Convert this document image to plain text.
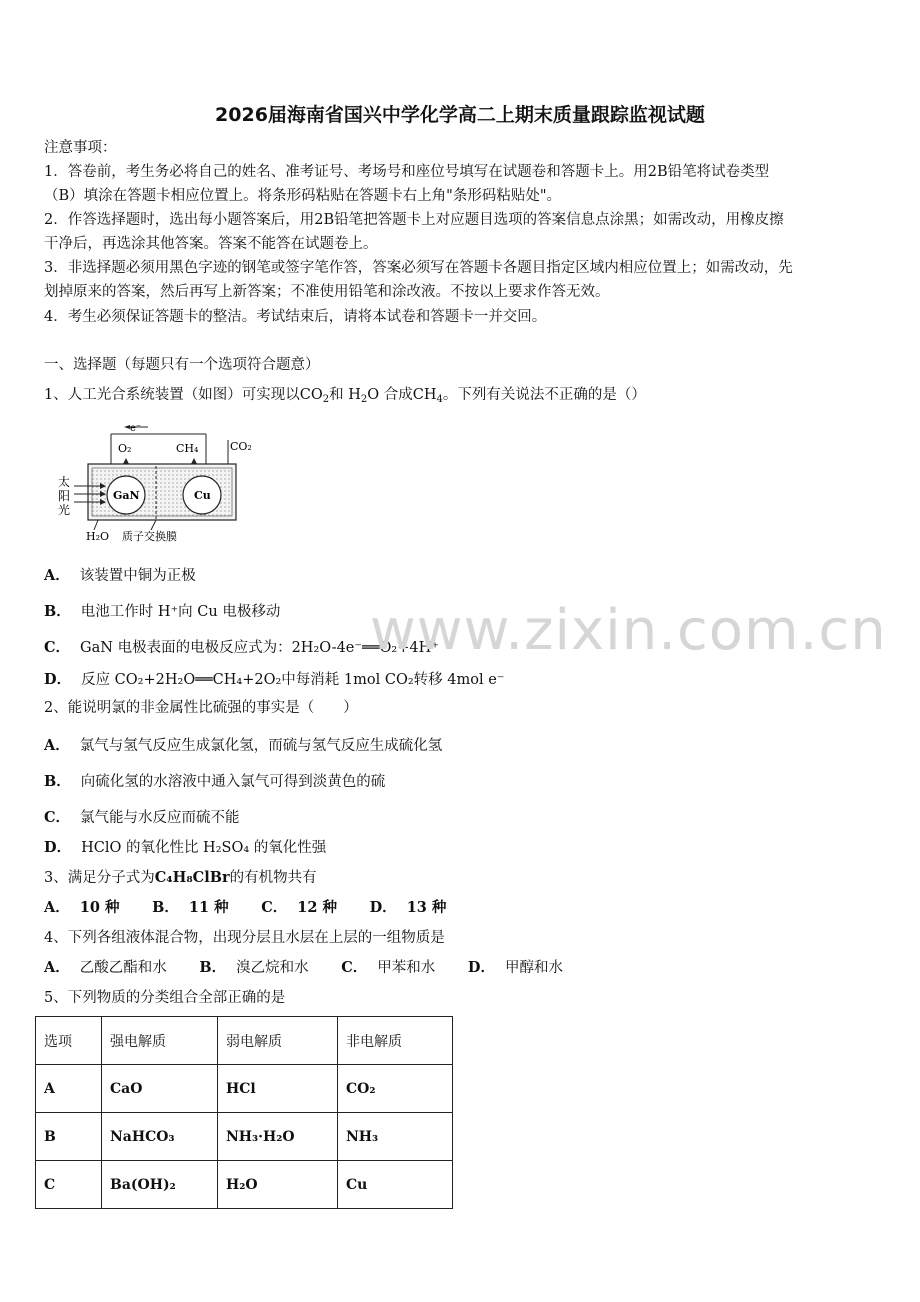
2026届海南省国兴中学化学高二上期末质量跟踪监视试题
注意事项：
1．答卷前，考生务必将自己的姓名、准考证号、考场号和座位号填写在试题卷和答题卡上。用2B铅笔将试卷类型
（B）填涂在答题卡相应位置上。将条形码粘贴在答题卡右上角"条形码粘贴处"。
2．作答选择题时，选出每小题答案后，用2B铅笔把答题卡上对应题目选项的答案信息点涂黑；如需改动，用橡皮擦
干净后，再选涂其他答案。答案不能答在试题卷上。
3．非选择题必须用黑色字迹的钢笔或签字笔作答，答案必须写在答题卡各题目指定区域内相应位置上；如需改动，先
划掉原来的答案，然后再写上新答案；不准使用铅笔和涂改液。不按以上要求作答无效。
4．考生必须保证答题卡的整洁。考试结束后，请将本试卷和答题卡一并交回。
一、选择题（每题只有一个选项符合题意）
1、人工光合系统装置（如图）可实现以$CO_2$和 $H_2O$ 合成$CH_4$。下列有关说法不正确的是（）
e⁻
O₂	CH₄	CO₂
GaN	Cu
太
阳
光
H₂O 质子交换膜
A． 该装置中铜为正极
B． 电池工作时 H⁺向 Cu 电极移动
C． GaN 电极表面的电极反应式为：2H₂O-4e⁻══O₂+4H⁺
D． 反应 CO₂+2H₂O══CH₄+2O₂中每消耗 1mol CO₂转移 4mol e⁻
www.zixin.com.cn
2、能说明氯的非金属性比硫强的事实是（　　）
A． 氯气与氢气反应生成氯化氢，而硫与氢气反应生成硫化氢
B． 向硫化氢的水溶液中通入氯气可得到淡黄色的硫
C． 氯气能与水反应而硫不能
D． HClO 的氧化性比 H₂SO₄ 的氧化性强
3、满足分子式为C₄H₈ClBr的有机物共有
A． 10 种 B． 11 种 C． 12 种 D． 13 种
4、下列各组液体混合物，出现分层且水层在上层的一组物质是
A． 乙酸乙酯和水 B． 溴乙烷和水 C． 甲苯和水 D． 甲醇和水
5、下列物质的分类组合全部正确的是
选项	强电解质	弱电解质	非电解质
A	CaO	HCl	CO₂
B	NaHCO₃	NH₃·H₂O	NH₃
C	Ba(OH)₂	H₂O	Cu
